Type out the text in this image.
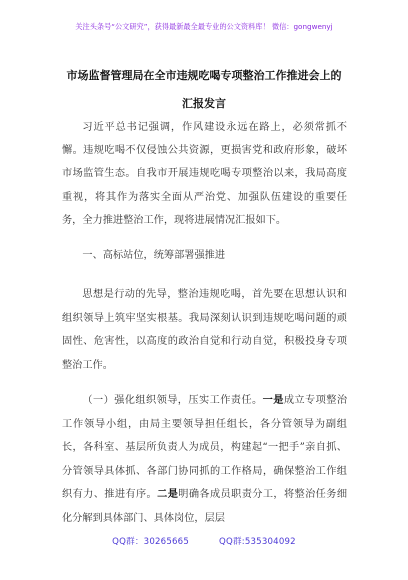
关注头条号“公文研究”，获得最新最全最专业的公文资料库！ 微信：gongwenyj
市场监督管理局在全市违规吃喝专项整治工作推进会上的
汇报发言

习近平总书记强调，作风建设永远在路上，必须常抓不懈。违规吃喝不仅侵蚀公共资源，更损害党和政府形象，破坏市场监管生态。自我市开展违规吃喝专项整治以来，我局高度重视，将其作为落实全面从严治党、加强队伍建设的重要任务，全力推进整治工作，现将进展情况汇报如下。

一、高标站位，统筹部署强推进

思想是行动的先导，整治违规吃喝，首先要在思想认识和组织领导上筑牢坚实根基。我局深刻认识到违规吃喝问题的顽固性、危害性，以高度的政治自觉和行动自觉，积极投身专项整治工作。

（一）强化组织领导，压实工作责任。一是成立专项整治工作领导小组，由局主要领导担任组长，各分管领导为副组长，各科室、基层所负责人为成员，构建起“一把手”亲自抓、分管领导具体抓、各部门协同抓的工作格局，确保整治工作组织有力、推进有序。二是明确各成员职责分工，将整治任务细化分解到具体部门、具体岗位，层层

QQ群：30265665	QQ群:535304092
